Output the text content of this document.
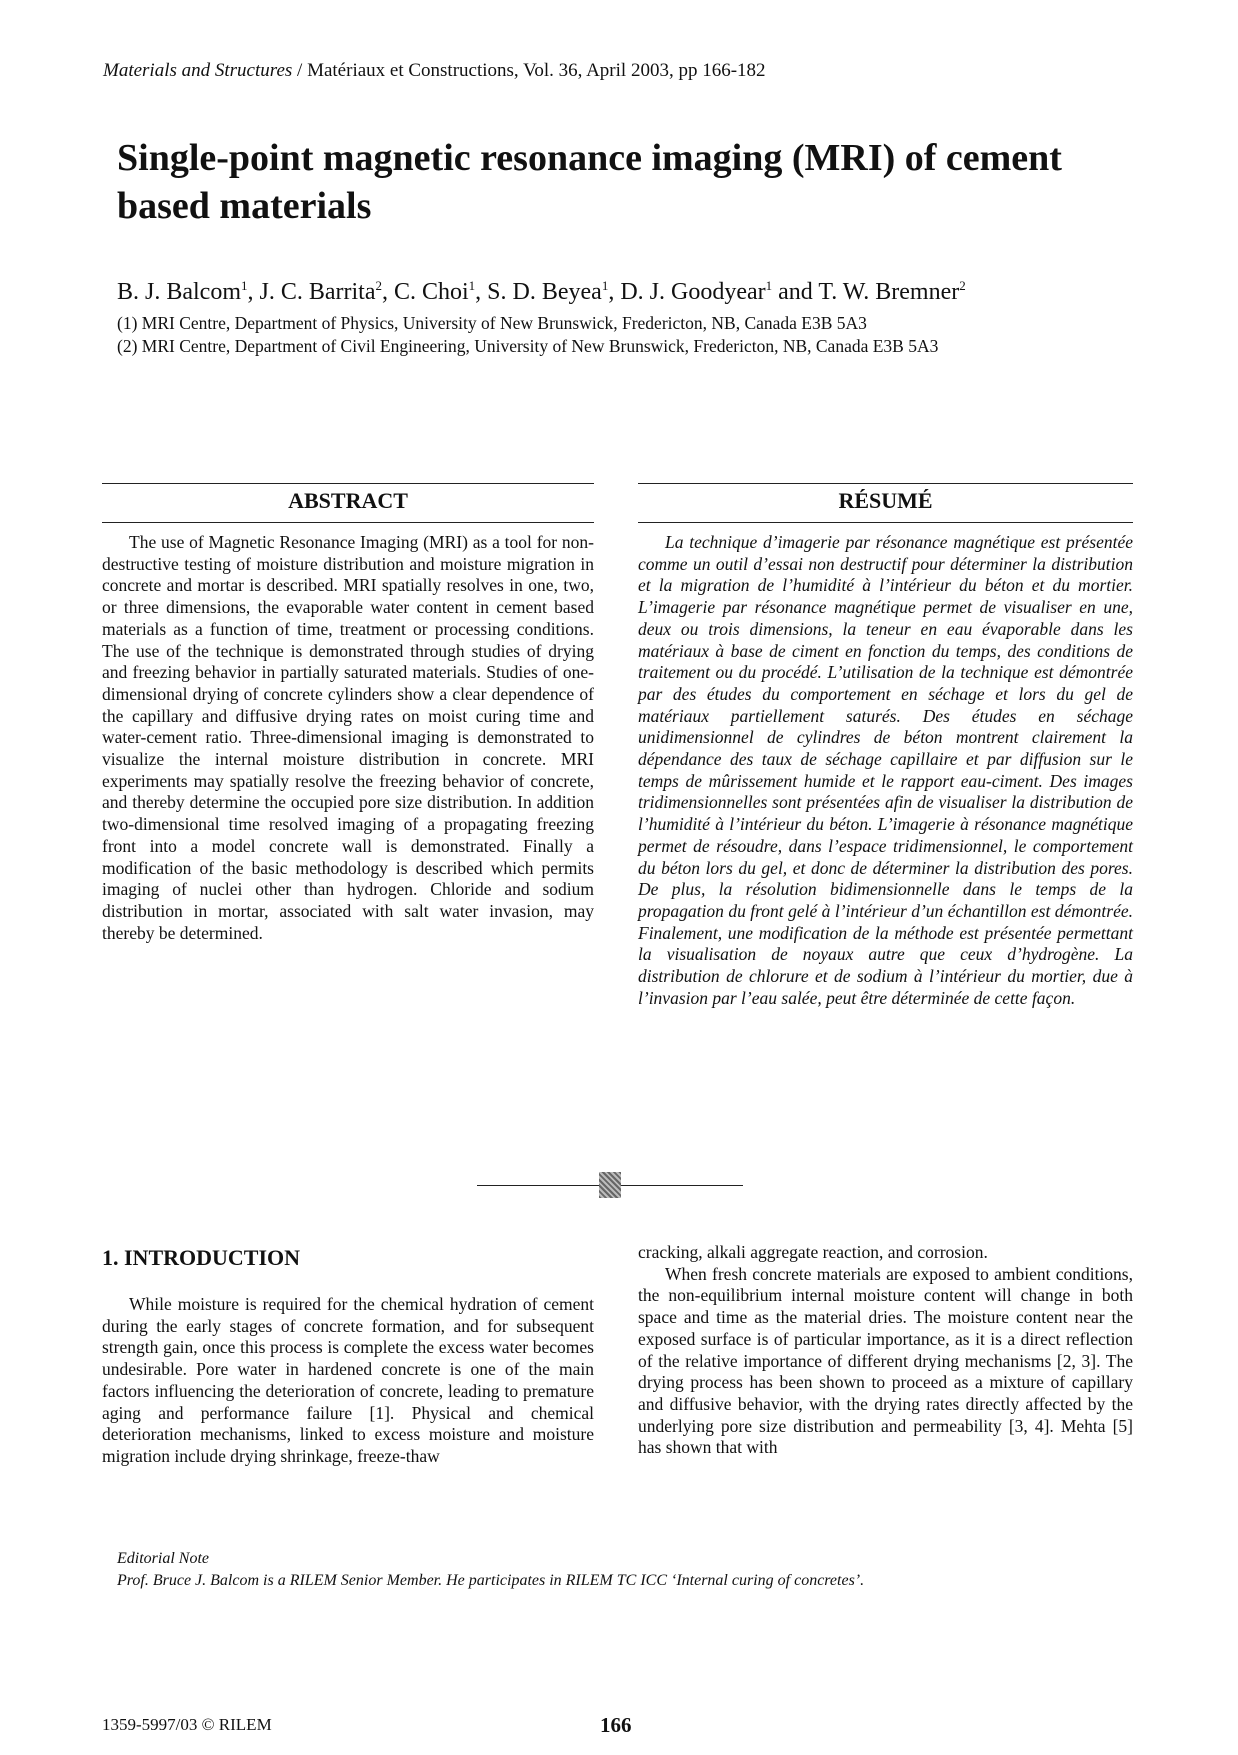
Materials and Structures / Matériaux et Constructions, Vol. 36, April 2003, pp 166-182
Single-point magnetic resonance imaging (MRI) of cement based materials
B. J. Balcom$^1$, J. C. Barrita$^2$, C. Choi$^1$, S. D. Beyea$^1$, D. J. Goodyear$^1$ and T. W. Bremner$^2$
(1) MRI Centre, Department of Physics, University of New Brunswick, Fredericton, NB, Canada E3B 5A3
(2) MRI Centre, Department of Civil Engineering, University of New Brunswick, Fredericton, NB, Canada E3B 5A3
ABSTRACT	RÉSUMÉ

The use of Magnetic Resonance Imaging (MRI) as a tool for non-destructive testing of moisture distribution and moisture migration in concrete and mortar is described. MRI spatially resolves in one, two, or three dimensions, the evaporable water content in cement based materials as a function of time, treatment or processing conditions. The use of the technique is demonstrated through studies of drying and freezing behavior in partially saturated materials. Studies of one-dimensional drying of concrete cylinders show a clear dependence of the capillary and diffusive drying rates on moist curing time and water-cement ratio. Three-dimensional imaging is demonstrated to visualize the internal moisture distribution in concrete. MRI experiments may spatially resolve the freezing behavior of concrete, and thereby determine the occupied pore size distribution. In addition two-dimensional time resolved imaging of a propagating freezing front into a model concrete wall is demonstrated. Finally a modification of the basic methodology is described which permits imaging of nuclei other than hydrogen. Chloride and sodium distribution in mortar, associated with salt water invasion, may thereby be determined.

La technique d’imagerie par résonance magnétique est présentée comme un outil d’essai non destructif pour déterminer la distribution et la migration de l’humidité à l’intérieur du béton et du mortier. L’imagerie par résonance magnétique permet de visualiser en une, deux ou trois dimensions, la teneur en eau évaporable dans les matériaux à base de ciment en fonction du temps, des conditions de traitement ou du procédé. L’utilisation de la technique est démontrée par des études du comportement en séchage et lors du gel de matériaux partiellement saturés. Des études en séchage unidimensionnel de cylindres de béton montrent clairement la dépendance des taux de séchage capillaire et par diffusion sur le temps de mûrissement humide et le rapport eau-ciment. Des images tridimensionnelles sont présentées afin de visualiser la distribution de l’humidité à l’intérieur du béton. L’imagerie à résonance magnétique permet de résoudre, dans l’espace tridimensionnel, le comportement du béton lors du gel, et donc de déterminer la distribution des pores. De plus, la résolution bidimensionnelle dans le temps de la propagation du front gelé à l’intérieur d’un échantillon est démontrée. Finalement, une modification de la méthode est présentée permettant la visualisation de noyaux autre que ceux d’hydrogène. La distribution de chlorure et de sodium à l’intérieur du mortier, due à l’invasion par l’eau salée, peut être déterminée de cette façon.

1. INTRODUCTION

While moisture is required for the chemical hydration of cement during the early stages of concrete formation, and for subsequent strength gain, once this process is complete the excess water becomes undesirable. Pore water in hardened concrete is one of the main factors influencing the deterioration of concrete, leading to premature aging and performance failure [1]. Physical and chemical deterioration mechanisms, linked to excess moisture and moisture migration include drying shrinkage, freeze-thaw

cracking, alkali aggregate reaction, and corrosion.

When fresh concrete materials are exposed to ambient conditions, the non-equilibrium internal moisture content will change in both space and time as the material dries. The moisture content near the exposed surface is of particular importance, as it is a direct reflection of the relative importance of different drying mechanisms [2, 3]. The drying process has been shown to proceed as a mixture of capillary and diffusive behavior, with the drying rates directly affected by the underlying pore size distribution and permeability [3, 4]. Mehta [5] has shown that with

Editorial Note
Prof. Bruce J. Balcom is a RILEM Senior Member. He participates in RILEM TC ICC ‘Internal curing of concretes’.
1359-5997/03 © RILEM	166
